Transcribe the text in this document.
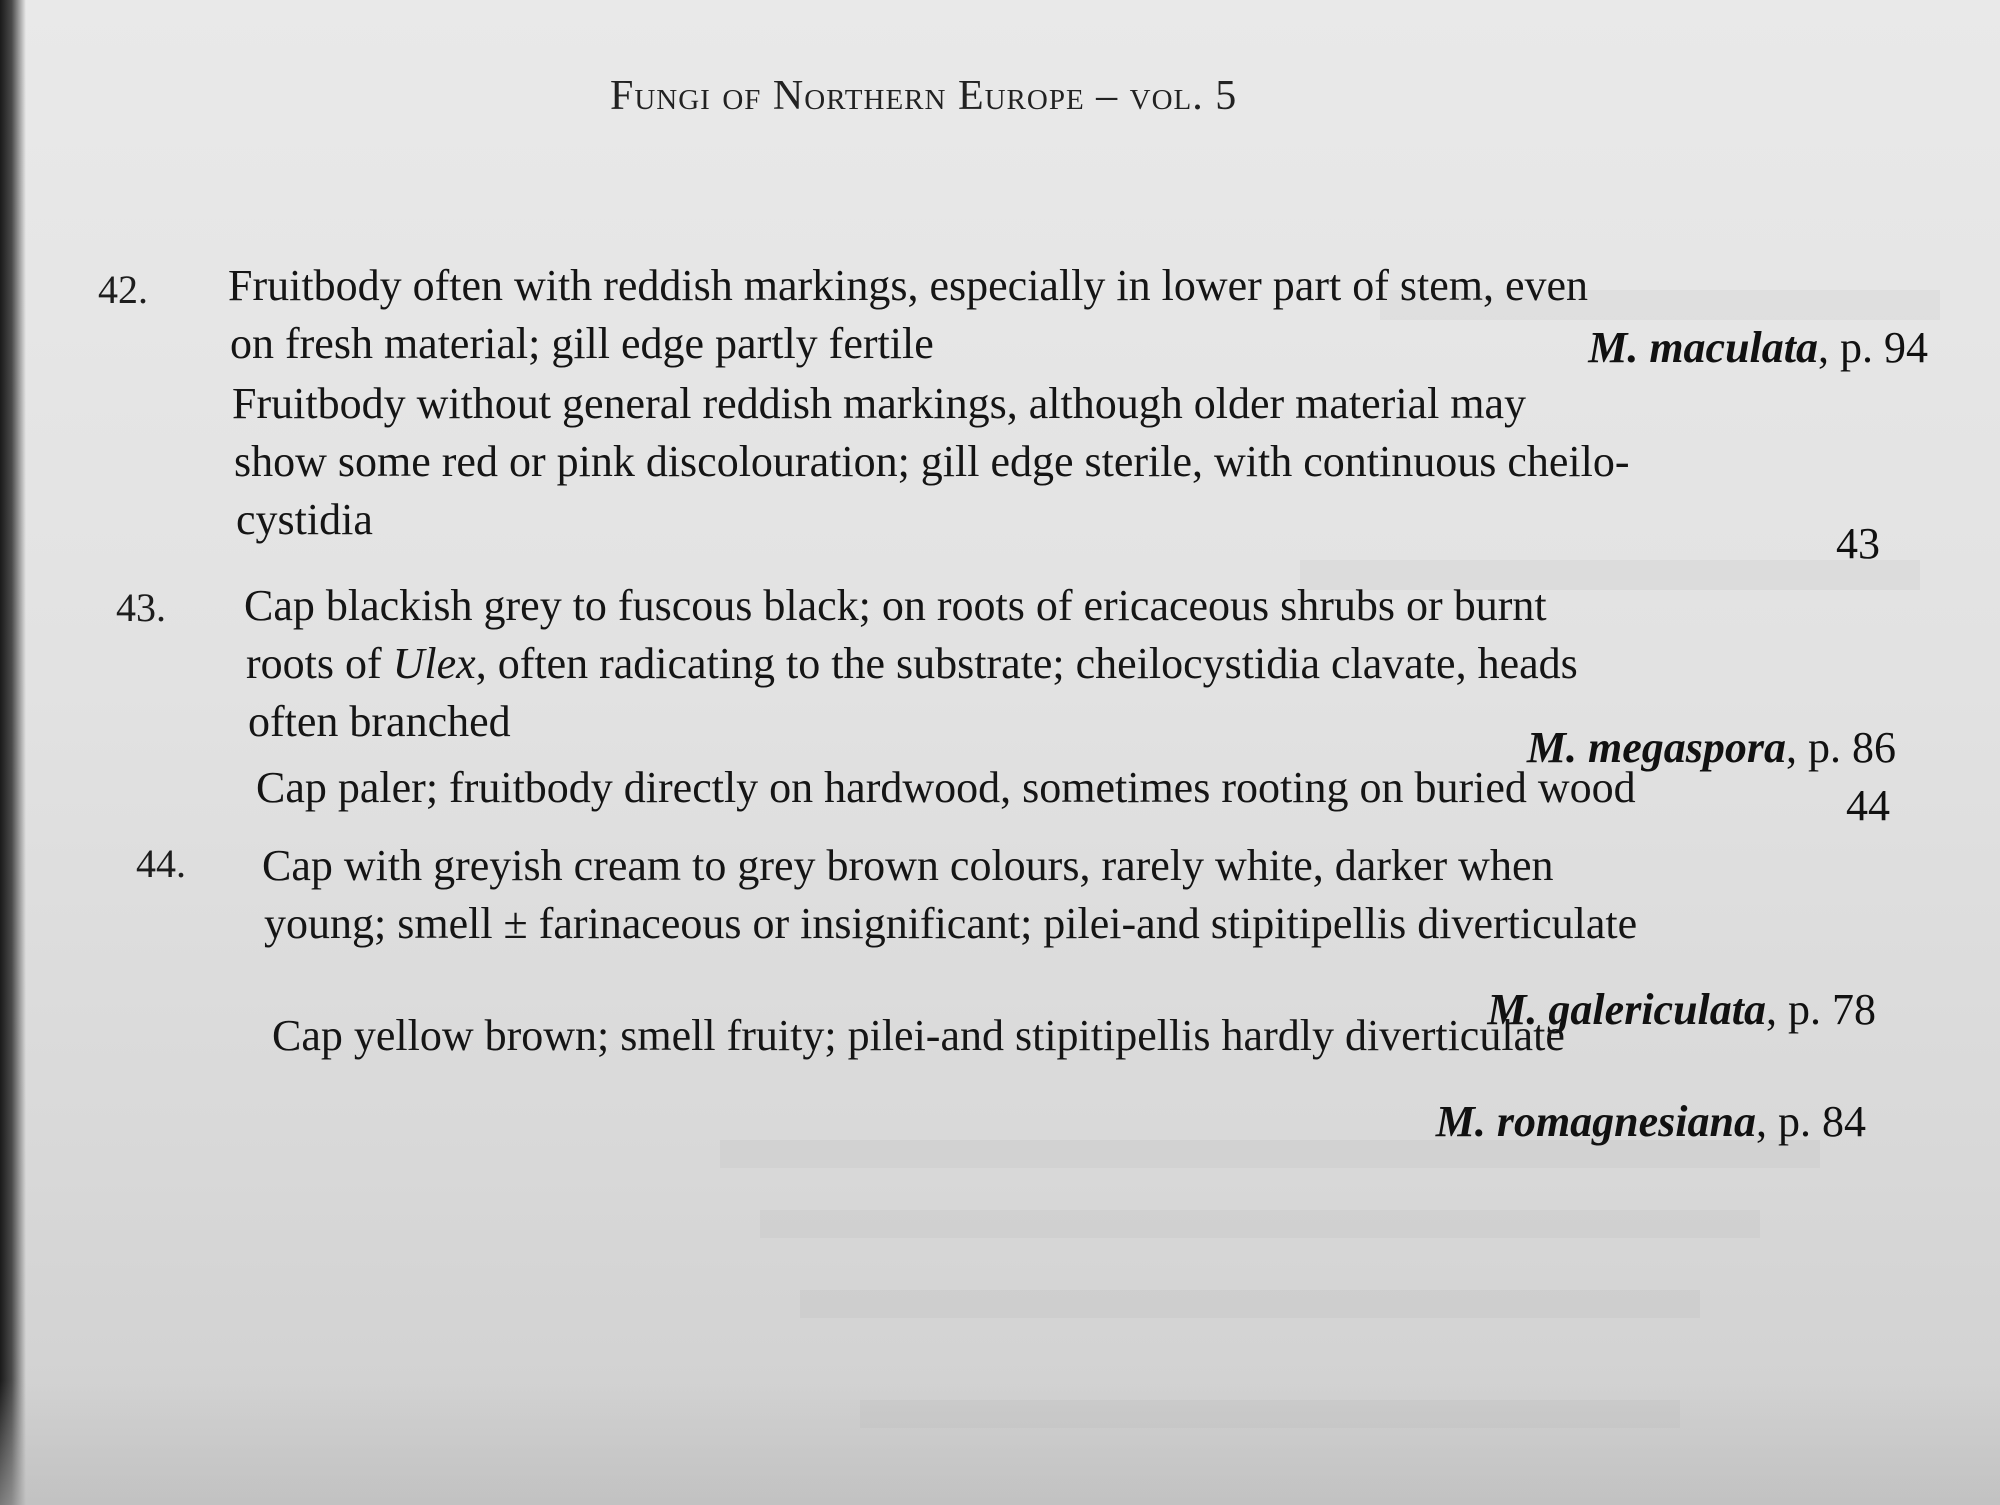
Fungi of Northern Europe – vol. 5
42. Fruitbody often with reddish markings, especially in lower part of stem, even
on fresh material; gill edge partly fertile	M. maculata, p. 94
Fruitbody without general reddish markings, although older material may
show some red or pink discolouration; gill edge sterile, with continuous cheilo-
cystidia	43
43. Cap blackish grey to fuscous black; on roots of ericaceous shrubs or burnt
roots of Ulex, often radicating to the substrate; cheilocystidia clavate, heads
often branched
M. megaspora, p. 86
Cap paler; fruitbody directly on hardwood, sometimes rooting on buried wood	44
44. Cap with greyish cream to grey brown colours, rarely white, darker when
young; smell ± farinaceous or insignificant; pilei-and stipitipellis diverticulate
M. galericulata, p. 78
Cap yellow brown; smell fruity; pilei-and stipitipellis hardly diverticulate
M. romagnesiana, p. 84
